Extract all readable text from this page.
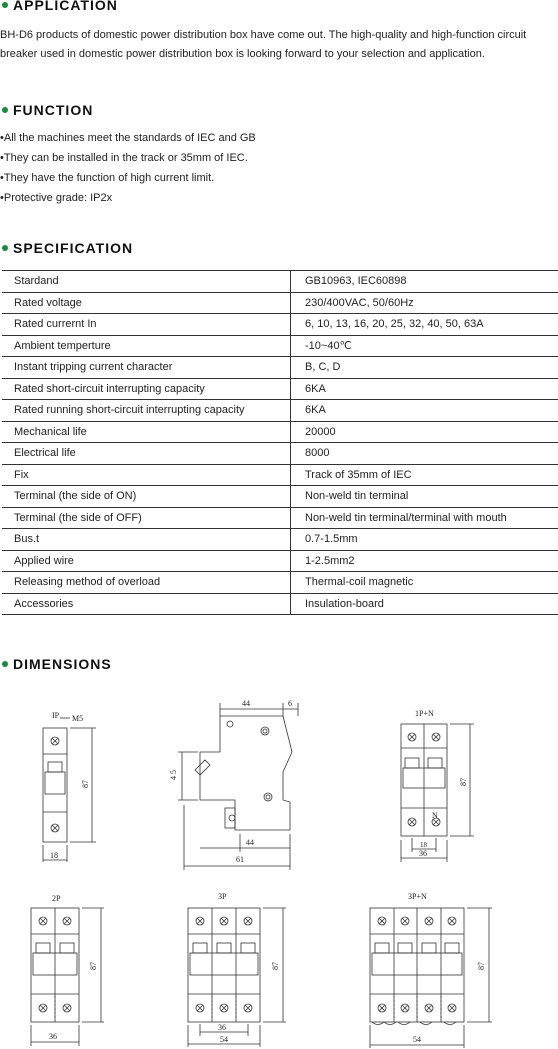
APPLICATION
BH-D6 products of domestic power distribution box have come out. The high-quality and high-function circuit breaker used in domestic power distribution box is looking forward to your selection and application.
FUNCTION
• All the machines meet the standards of IEC and GB
• They can be installed in the track or 35mm of IEC.
• They have the function of high current limit.
• Protective grade: IP2x
SPECIFICATION
Stardand	GB10963, IEC60898
Rated voltage	230/400VAC, 50/60Hz
Rated currernt In	6, 10, 13, 16, 20, 25, 32, 40, 50, 63A
Ambient temperture	-10~40℃
Instant tripping current character	B, C, D
Rated short-circuit interrupting capacity	6KA
Rated running short-circuit interrupting capacity	6KA
Mechanical life	20000
Electrical life	8000
Fix	Track of 35mm of IEC
Terminal (the side of ON)	Non-weld tin terminal
Terminal (the side of OFF)	Non-weld tin terminal/terminal with mouth
Bus.t	0.7-1.5mm
Applied wire	1-2.5mm2
Releasing method of overload	Thermal-coil magnetic
Accessories	Insulation-board
DIMENSIONS
IP M5
87
18
44	6
4 5
44
61
1P+N
N
87
18
36
2P
87
36
3P
87
36
54
3P+N
87
54
